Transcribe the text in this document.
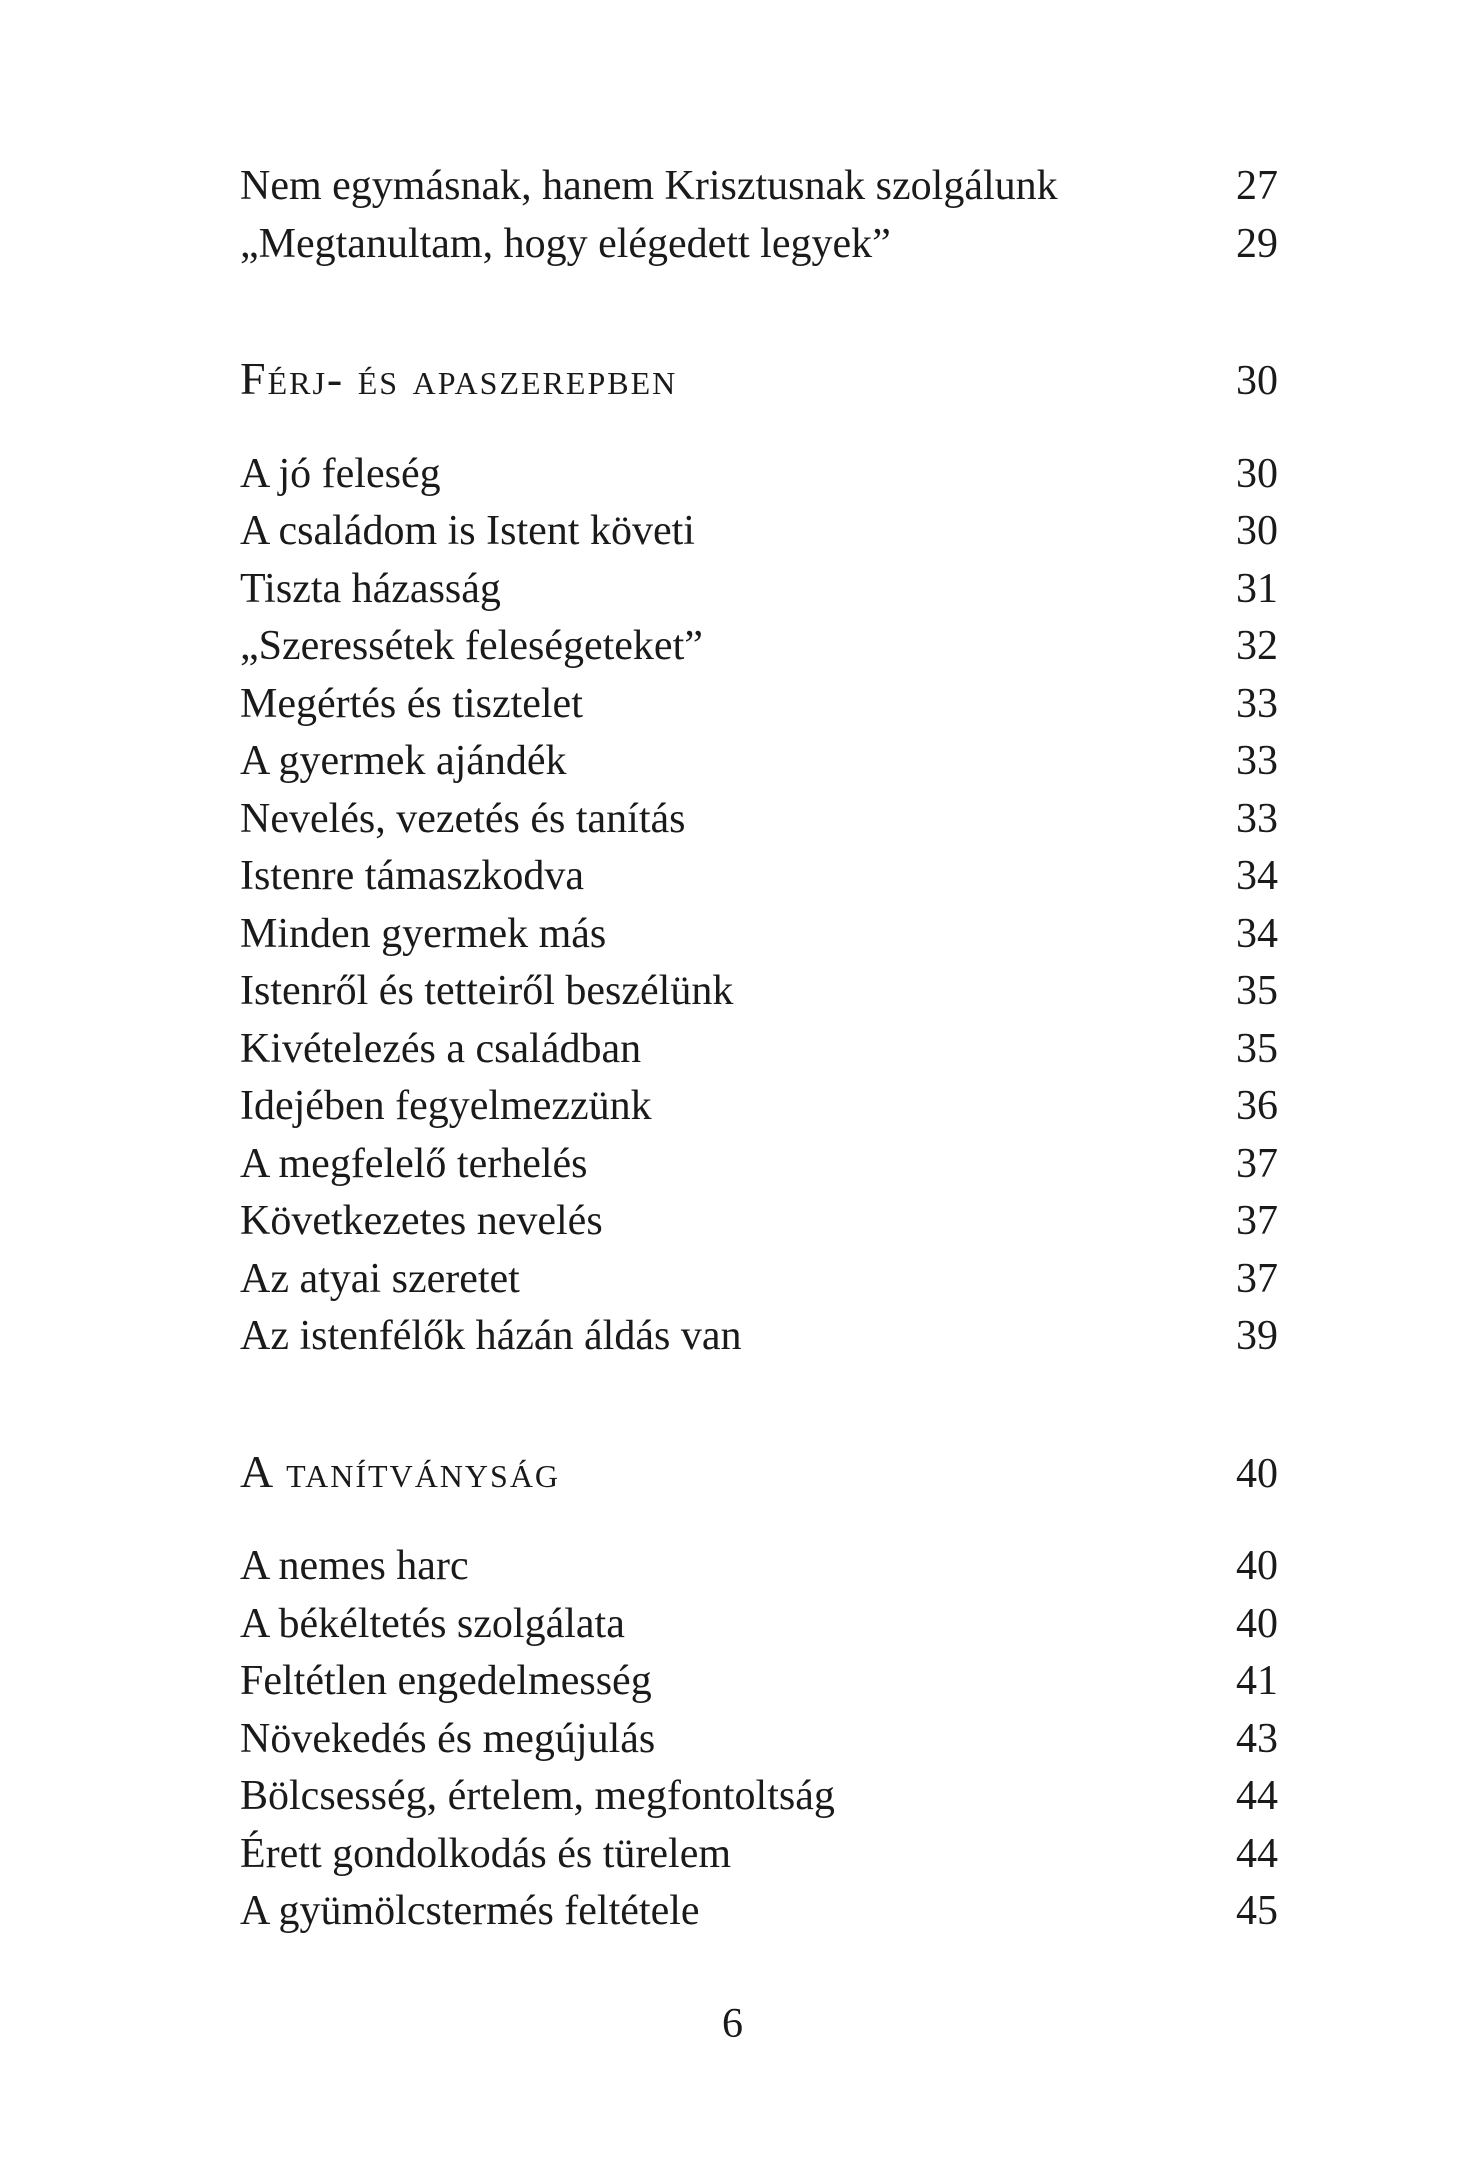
Nem egymásnak, hanem Krisztusnak szolgálunk	27
„Megtanultam, hogy elégedett legyek”	29
Férj- és apaszerepben	30
A jó feleség	30
A családom is Istent követi	30
Tiszta házasság	31
„Szeressétek feleségeteket”	32
Megértés és tisztelet	33
A gyermek ajándék	33
Nevelés, vezetés és tanítás	33
Istenre támaszkodva	34
Minden gyermek más	34
Istenről és tetteiről beszélünk	35
Kivételezés a családban	35
Idejében fegyelmezzünk	36
A megfelelő terhelés	37
Következetes nevelés	37
Az atyai szeretet	37
Az istenfélők házán áldás van	39
A tanítványság	40
A nemes harc	40
A békéltetés szolgálata	40
Feltétlen engedelmesség	41
Növekedés és megújulás	43
Bölcsesség, értelem, megfontoltság	44
Érett gondolkodás és türelem	44
A gyümölcstermés feltétele	45
6
